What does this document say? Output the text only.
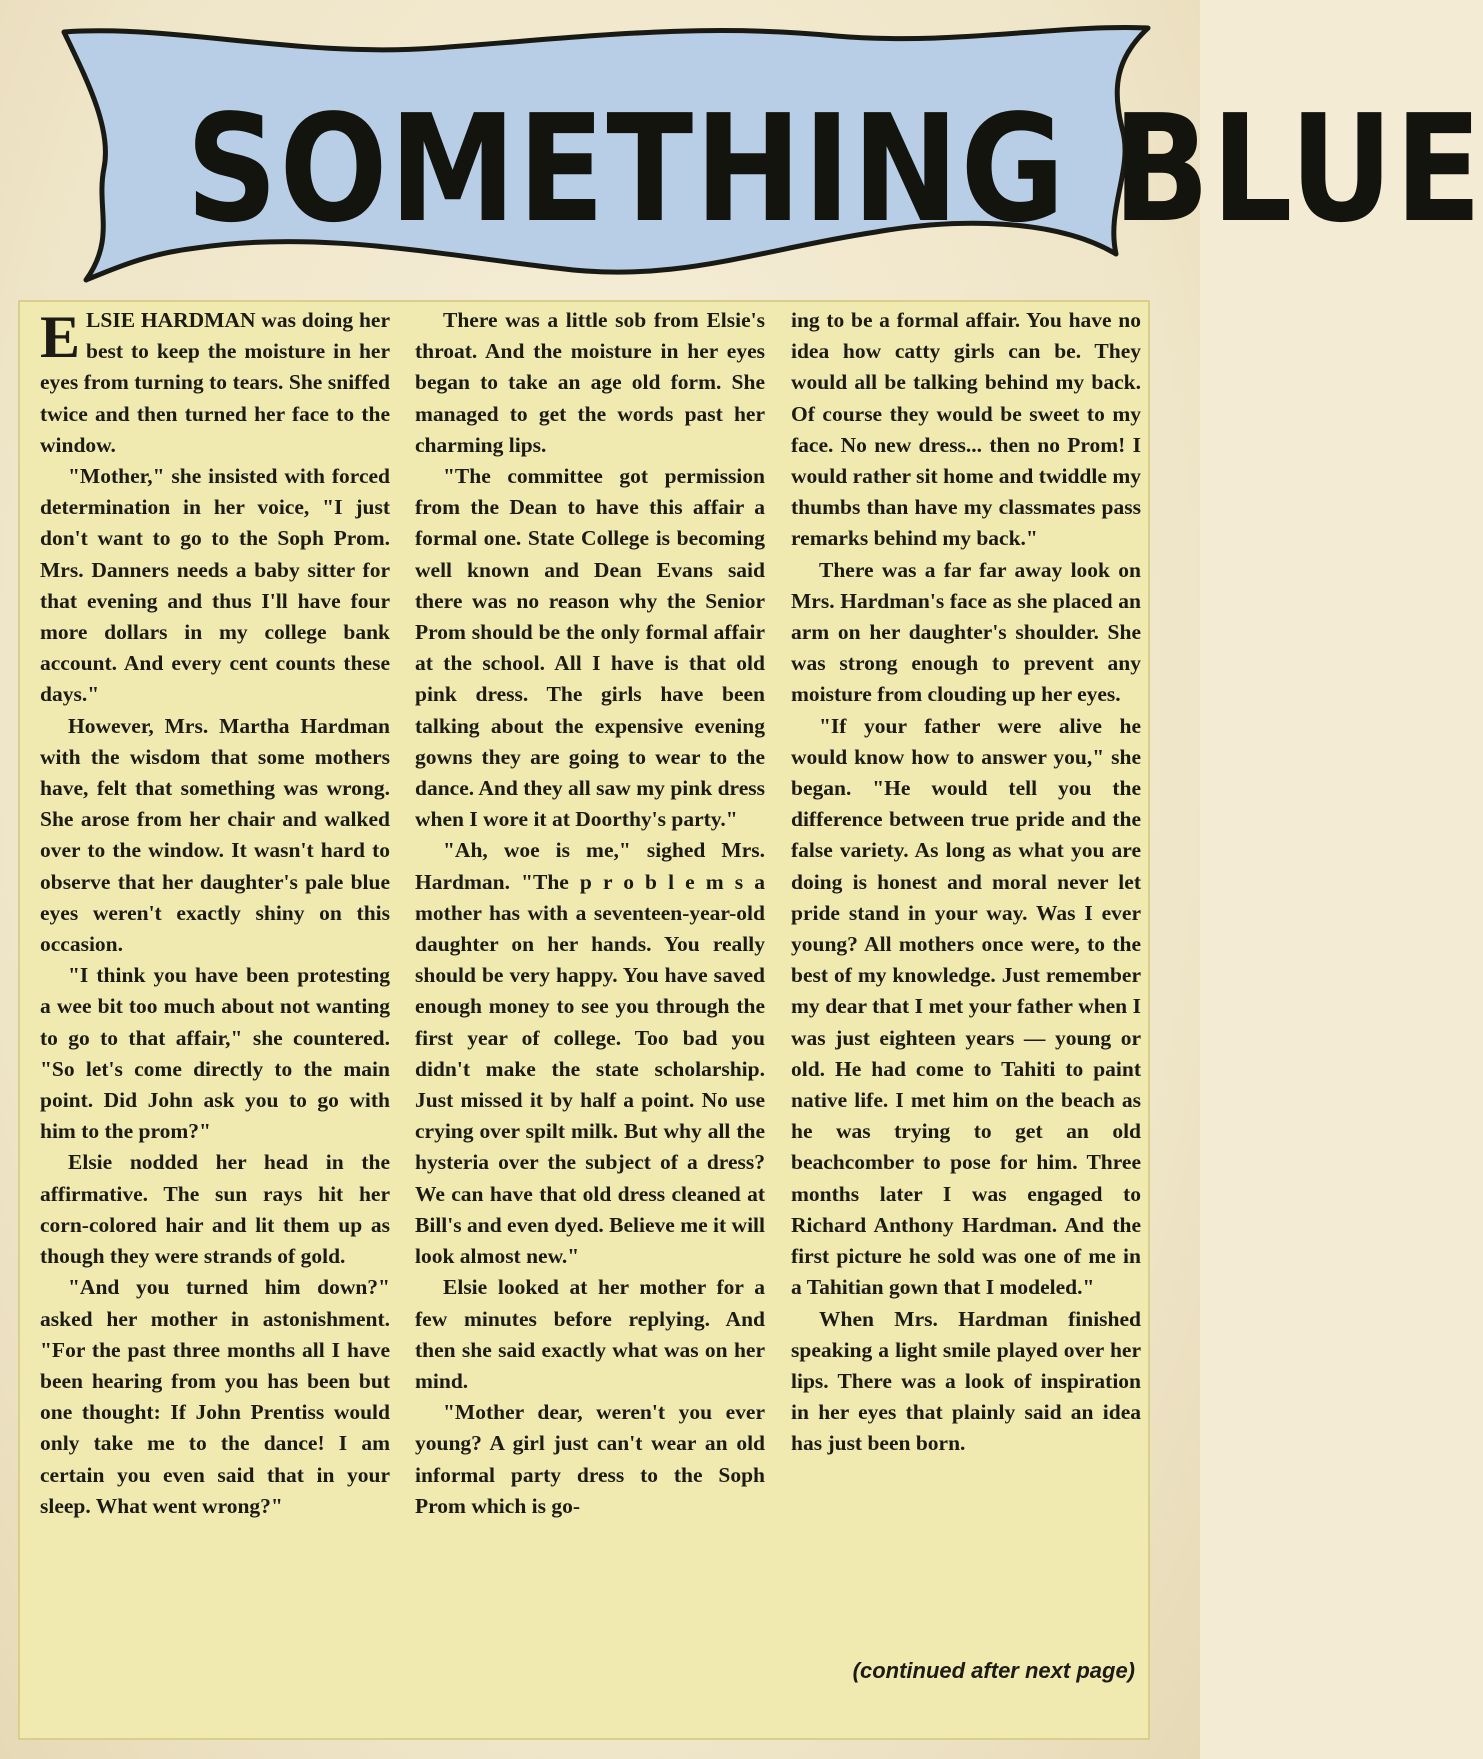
SOMETHING BLUE

ELSIE HARDMAN was doing her best to keep the moisture in her eyes from turning to tears. She sniffed twice and then turned her face to the window.

"Mother," she insisted with forced determination in her voice, "I just don't want to go to the Soph Prom. Mrs. Danners needs a baby sitter for that evening and thus I'll have four more dollars in my college bank account. And every cent counts these days."

However, Mrs. Martha Hardman with the wisdom that some mothers have, felt that something was wrong. She arose from her chair and walked over to the window. It wasn't hard to observe that her daughter's pale blue eyes weren't exactly shiny on this occasion.

"I think you have been protesting a wee bit too much about not wanting to go to that affair," she countered. "So let's come directly to the main point. Did John ask you to go with him to the prom?"

Elsie nodded her head in the affirmative. The sun rays hit her corn-colored hair and lit them up as though they were strands of gold.

"And you turned him down?" asked her mother in astonishment. "For the past three months all I have been hearing from you has been but one thought: If John Prentiss would only take me to the dance! I am certain you even said that in your sleep. What went wrong?"

There was a little sob from Elsie's throat. And the moisture in her eyes began to take an age old form. She managed to get the words past her charming lips.

"The committee got permission from the Dean to have this affair a formal one. State College is becoming well known and Dean Evans said there was no reason why the Senior Prom should be the only formal affair at the school. All I have is that old pink dress. The girls have been talking about the expensive evening gowns they are going to wear to the dance. And they all saw my pink dress when I wore it at Doorthy's party."

"Ah, woe is me," sighed Mrs. Hardman. "The p r o b l e m s a mother has with a seventeen-year-old daughter on her hands. You really should be very happy. You have saved enough money to see you through the first year of college. Too bad you didn't make the state scholarship. Just missed it by half a point. No use crying over spilt milk. But why all the hysteria over the subject of a dress? We can have that old dress cleaned at Bill's and even dyed. Believe me it will look almost new."

Elsie looked at her mother for a few minutes before replying. And then she said exactly what was on her mind.

"Mother dear, weren't you ever young? A girl just can't wear an old informal party dress to the Soph Prom which is go-

ing to be a formal affair. You have no idea how catty girls can be. They would all be talking behind my back. Of course they would be sweet to my face. No new dress... then no Prom! I would rather sit home and twiddle my thumbs than have my classmates pass remarks behind my back."

There was a far far away look on Mrs. Hardman's face as she placed an arm on her daughter's shoulder. She was strong enough to prevent any moisture from clouding up her eyes.

"If your father were alive he would know how to answer you," she began. "He would tell you the difference between true pride and the false variety. As long as what you are doing is honest and moral never let pride stand in your way. Was I ever young? All mothers once were, to the best of my knowledge. Just remember my dear that I met your father when I was just eighteen years — young or old. He had come to Tahiti to paint native life. I met him on the beach as he was trying to get an old beachcomber to pose for him. Three months later I was engaged to Richard Anthony Hardman. And the first picture he sold was one of me in a Tahitian gown that I modeled."

When Mrs. Hardman finished speaking a light smile played over her lips. There was a look of inspiration in her eyes that plainly said an idea has just been born.

(continued after next page)
